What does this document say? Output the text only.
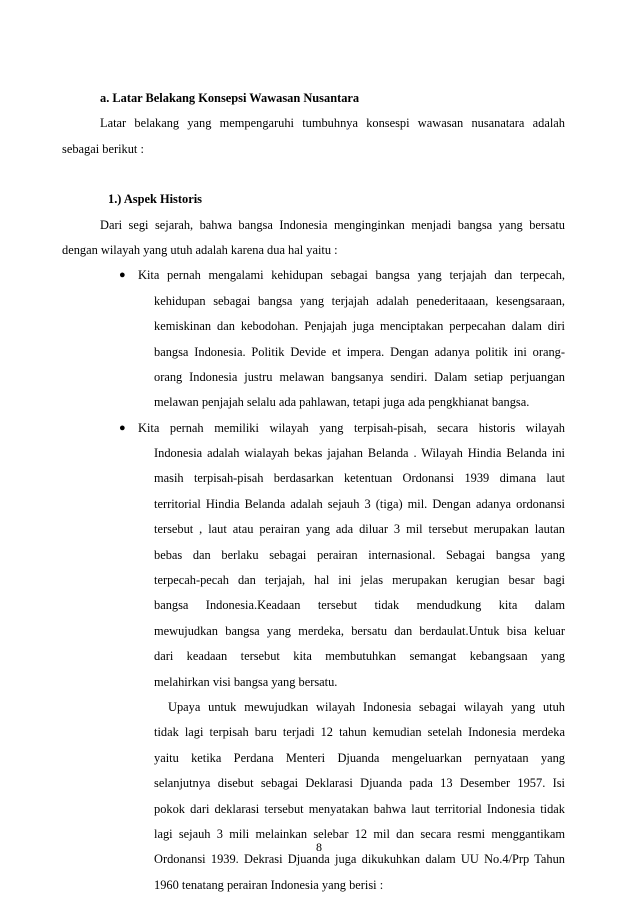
a. Latar Belakang Konsepsi Wawasan Nusantara
Latar belakang yang mempengaruhi tumbuhnya konsespi wawasan nusanatara adalah
sebagai berikut :
1.) Aspek Historis
Dari segi sejarah, bahwa bangsa Indonesia menginginkan menjadi bangsa yang bersatu
dengan wilayah yang utuh adalah karena dua hal yaitu :
● Kita pernah mengalami kehidupan sebagai bangsa yang terjajah dan terpecah,
kehidupan sebagai bangsa yang terjajah adalah penederitaaan, kesengsaraan,
kemiskinan dan kebodohan. Penjajah juga menciptakan perpecahan dalam diri
bangsa Indonesia. Politik Devide et impera. Dengan adanya politik ini orang-
orang Indonesia justru melawan bangsanya sendiri. Dalam setiap perjuangan
melawan penjajah selalu ada pahlawan, tetapi juga ada pengkhianat bangsa.
● Kita pernah memiliki wilayah yang terpisah-pisah, secara historis wilayah
Indonesia adalah wialayah bekas jajahan Belanda . Wilayah Hindia Belanda ini
masih terpisah-pisah berdasarkan ketentuan Ordonansi 1939 dimana laut
territorial Hindia Belanda adalah sejauh 3 (tiga) mil. Dengan adanya ordonansi
tersebut , laut atau perairan yang ada diluar 3 mil tersebut merupakan lautan
bebas dan berlaku sebagai perairan internasional. Sebagai bangsa yang
terpecah-pecah dan terjajah, hal ini jelas merupakan kerugian besar bagi
bangsa Indonesia.Keadaan tersebut tidak mendudkung kita dalam
mewujudkan bangsa yang merdeka, bersatu dan berdaulat.Untuk bisa keluar
dari keadaan tersebut kita membutuhkan semangat kebangsaan yang
melahirkan visi bangsa yang bersatu.
Upaya untuk mewujudkan wilayah Indonesia sebagai wilayah yang utuh
tidak lagi terpisah baru terjadi 12 tahun kemudian setelah Indonesia merdeka
yaitu ketika Perdana Menteri Djuanda mengeluarkan pernyataan yang
selanjutnya disebut sebagai Deklarasi Djuanda pada 13 Desember 1957. Isi
pokok dari deklarasi tersebut menyatakan bahwa laut territorial Indonesia tidak
lagi sejauh 3 mili melainkan selebar 12 mil dan secara resmi menggantikam
Ordonansi 1939. Dekrasi Djuanda juga dikukuhkan dalam UU No.4/Prp Tahun
1960 tenatang perairan Indonesia yang berisi :
8
